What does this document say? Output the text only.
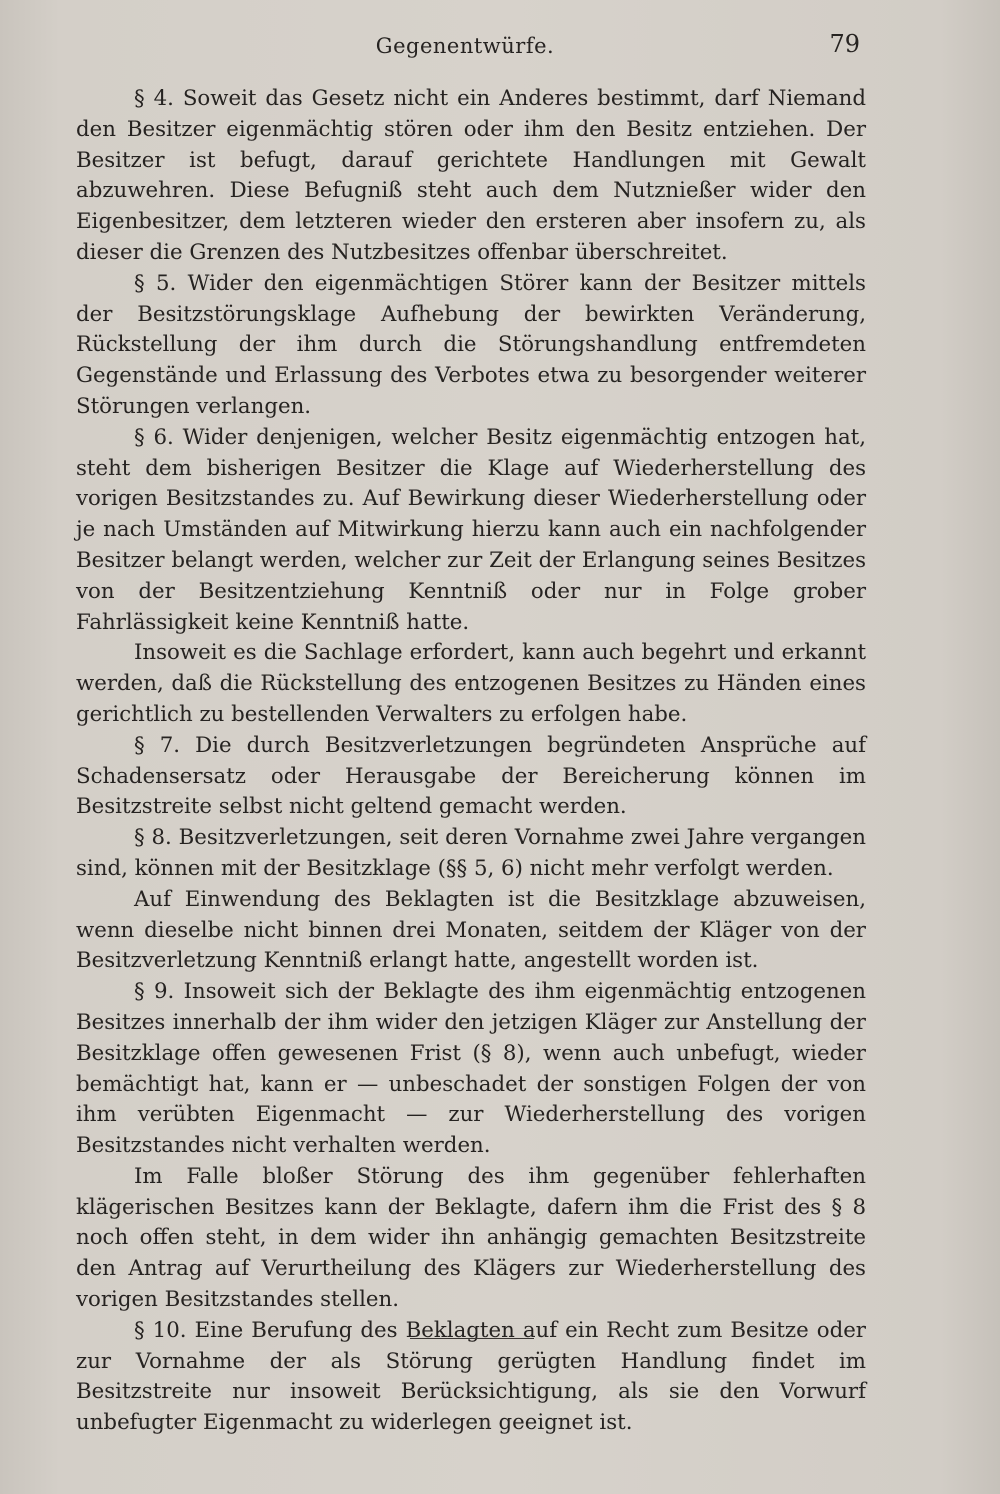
Gegenentwürfe.	79

§ 4. Soweit das Gesetz nicht ein Anderes bestimmt, darf Niemand den Besitzer eigenmächtig stören oder ihm den Besitz entziehen. Der Besitzer ist befugt, darauf gerichtete Handlungen mit Gewalt abzuwehren. Diese Befugniß steht auch dem Nutznießer wider den Eigenbesitzer, dem letzteren wieder den ersteren aber insofern zu, als dieser die Grenzen des Nutzbesitzes offenbar überschreitet.

§ 5. Wider den eigenmächtigen Störer kann der Besitzer mittels der Besitzstörungsklage Aufhebung der bewirkten Veränderung, Rückstellung der ihm durch die Störungshandlung entfremdeten Gegenstände und Erlassung des Verbotes etwa zu besorgender weiterer Störungen verlangen.

§ 6. Wider denjenigen, welcher Besitz eigenmächtig entzogen hat, steht dem bisherigen Besitzer die Klage auf Wiederherstellung des vorigen Besitzstandes zu. Auf Bewirkung dieser Wiederherstellung oder je nach Umständen auf Mitwirkung hierzu kann auch ein nachfolgender Besitzer belangt werden, welcher zur Zeit der Erlangung seines Besitzes von der Besitzentziehung Kenntniß oder nur in Folge grober Fahrlässigkeit keine Kenntniß hatte.

Insoweit es die Sachlage erfordert, kann auch begehrt und erkannt werden, daß die Rückstellung des entzogenen Besitzes zu Händen eines gerichtlich zu bestellenden Verwalters zu erfolgen habe.

§ 7. Die durch Besitzverletzungen begründeten Ansprüche auf Schadensersatz oder Herausgabe der Bereicherung können im Besitzstreite selbst nicht geltend gemacht werden.

§ 8. Besitzverletzungen, seit deren Vornahme zwei Jahre vergangen sind, können mit der Besitzklage (§§ 5, 6) nicht mehr verfolgt werden.

Auf Einwendung des Beklagten ist die Besitzklage abzuweisen, wenn dieselbe nicht binnen drei Monaten, seitdem der Kläger von der Besitzverletzung Kenntniß erlangt hatte, angestellt worden ist.

§ 9. Insoweit sich der Beklagte des ihm eigenmächtig entzogenen Besitzes innerhalb der ihm wider den jetzigen Kläger zur Anstellung der Besitzklage offen gewesenen Frist (§ 8), wenn auch unbefugt, wieder bemächtigt hat, kann er — unbeschadet der sonstigen Folgen der von ihm verübten Eigenmacht — zur Wiederherstellung des vorigen Besitzstandes nicht verhalten werden.

Im Falle bloßer Störung des ihm gegenüber fehlerhaften klägerischen Besitzes kann der Beklagte, dafern ihm die Frist des § 8 noch offen steht, in dem wider ihn anhängig gemachten Besitzstreite den Antrag auf Verurtheilung des Klägers zur Wiederherstellung des vorigen Besitzstandes stellen.

§ 10. Eine Berufung des Beklagten auf ein Recht zum Besitze oder zur Vornahme der als Störung gerügten Handlung findet im Besitzstreite nur insoweit Berücksichtigung, als sie den Vorwurf unbefugter Eigenmacht zu widerlegen geeignet ist.
